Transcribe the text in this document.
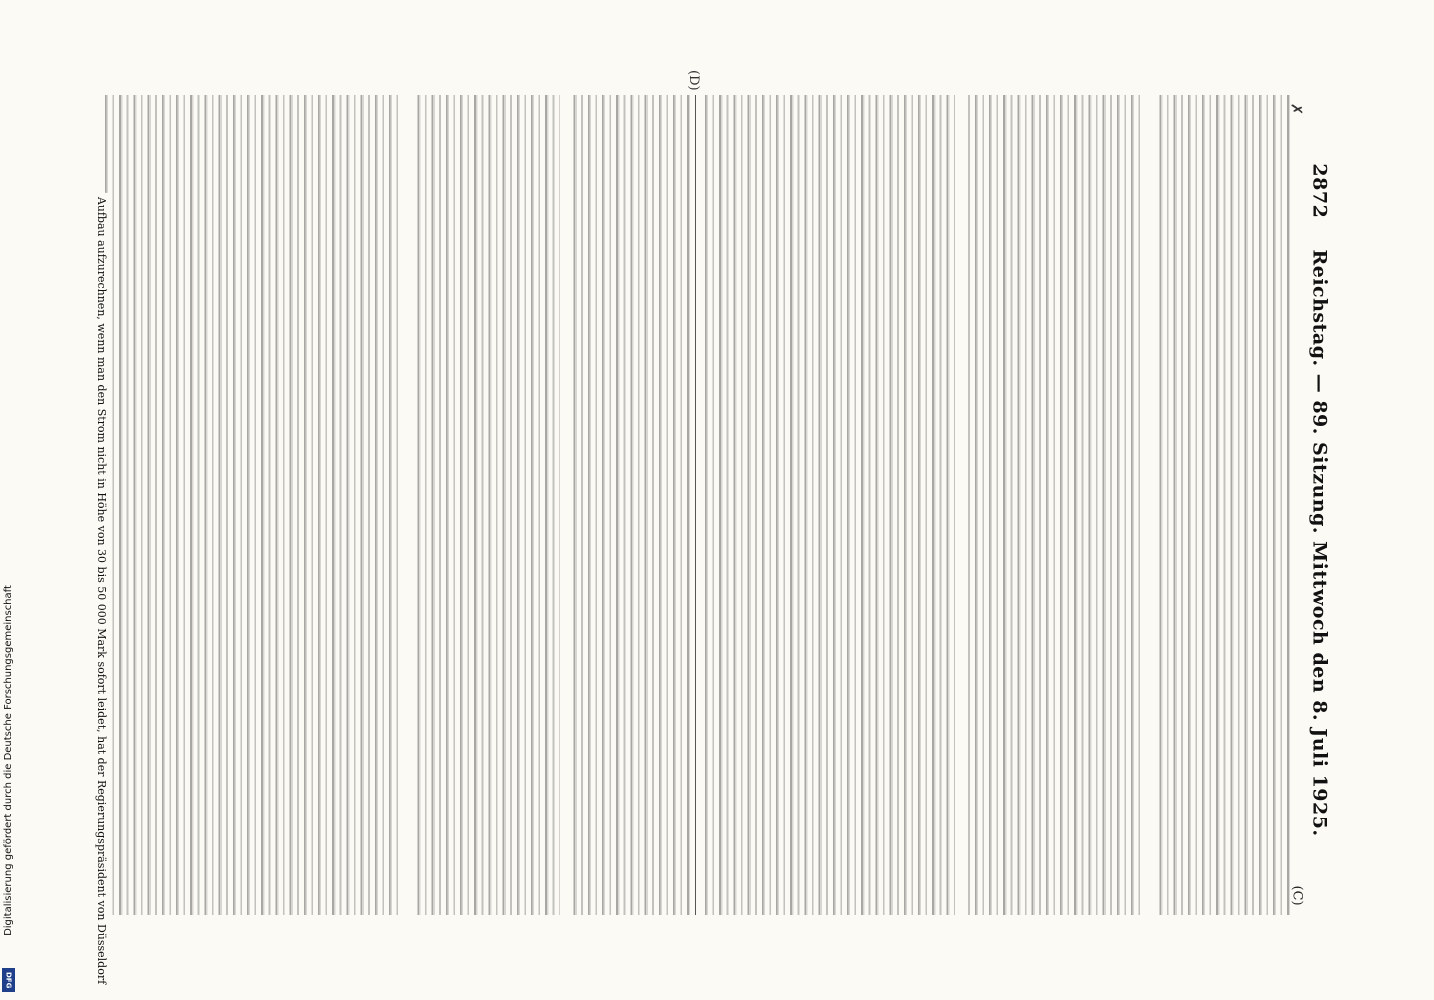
2872 Reichstag. — 89. Sitzung. Mittwoch den 8. Juli 1925.
✗
(D)
(C)
Aufbau aufzurechnen, wenn man den Strom nicht in Höhe von 30 bis 50 000 Mark sofort leidet, hat der Regierungspräsident von Düsseldorf
Digitalisierung gefördert durch die Deutsche Forschungsgemeinschaft
DFG
